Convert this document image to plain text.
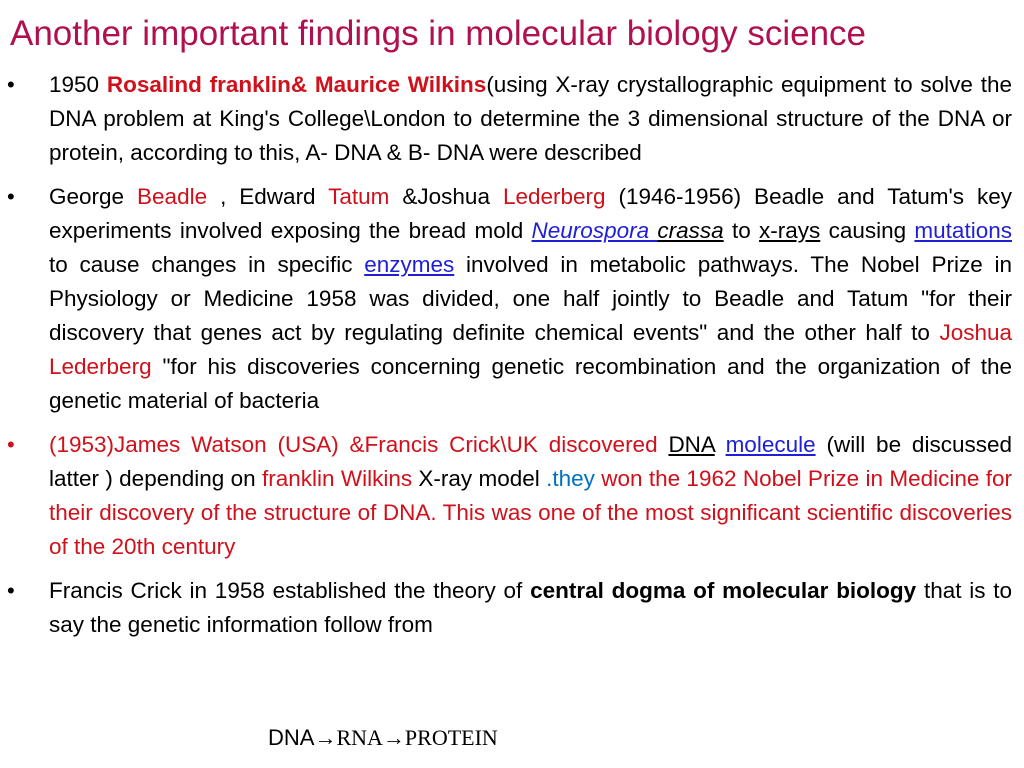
Another important findings in molecular biology science
• 1950 Rosalind franklin& Maurice Wilkins(using X-ray crystallographic equipment to solve the DNA problem at King's College\London to determine the 3 dimensional structure of the DNA or protein, according to this, A- DNA & B- DNA were described
• George Beadle , Edward Tatum &Joshua Lederberg (1946-1956) Beadle and Tatum's key experiments involved exposing the bread mold Neurospora crassa to x-rays causing mutations to cause changes in specific enzymes involved in metabolic pathways. The Nobel Prize in Physiology or Medicine 1958 was divided, one half jointly to Beadle and Tatum "for their discovery that genes act by regulating definite chemical events" and the other half to Joshua Lederberg "for his discoveries concerning genetic recombination and the organization of the genetic material of bacteria
• (1953)James Watson (USA) &Francis Crick\UK discovered DNA molecule (will be discussed latter ) depending on franklin Wilkins X-ray model .they won the 1962 Nobel Prize in Medicine for their discovery of the structure of DNA. This was one of the most significant scientific discoveries of the 20th century
• Francis Crick in 1958 established the theory of central dogma of molecular biology that is to say the genetic information follow from
DNA→RNA→PROTEIN
